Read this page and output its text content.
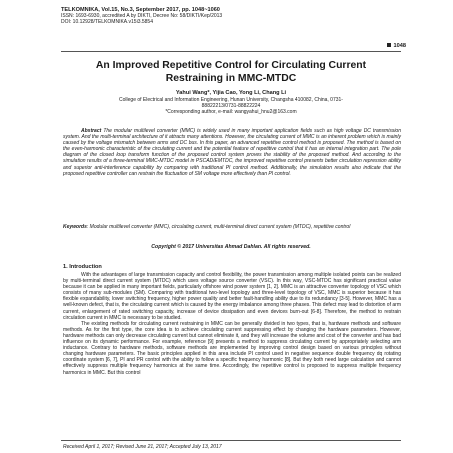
TELKOMNIKA, Vol.15, No.3, September 2017, pp. 1048~1060
ISSN: 1693-6930, accredited A by DIKTI, Decree No: 58/DIKTI/Kep/2013
DOI: 10.12928/TELKOMNIKA.v15i3.5854
1048
An Improved Repetitive Control for Circulating Current
Restraining in MMC-MTDC
Yahui Wang*, Yijia Cao, Yong Li, Chang Li
College of Electrical and Information Engineering, Hunan University, Changsha 410082, China, 0731-
88822213/0731-88822224
*Corresponding author, e-mail: wangyahui_hnu2@163.com
Abstract The modular multilevel converter (MMC) is widely used in many important application fields such as high voltage DC transmission system. And the multi-terminal architecture of it attracts many attentions. However, the circulating current of MMC is an inherent problem which is mainly caused by the voltage mismatch between arms and DC bus. In this paper, an advanced repetitive control method is proposed. The method is based on the even-harmonic characteristic of the circulating current and the potential feature of repetitive control that it has an internal integration part. The pole diagram of the closed loop transform function of the proposed control system proves the stability of the proposed method. And according to the simulation results of a three-terminal MMC-MTDC model in PSCAD/EMTDC, the improved repetitive control presents better circulation repression ability and superior anti-interference capability by comparing with traditional PI control method. Additionally, the simulation results also indicate that the proposed repetitive controller can restrain the fluctuation of SM voltage more effectively than PI control.
Keywords: Modular multilevel converter (MMC), circulating current, multi-terminal direct current system (MTDC), repetitive control
Copyright © 2017 Universitas Ahmad Dahlan. All rights reserved.
1. Introduction

With the advantages of large transmission capacity and control flexibility, the power transmission among multiple isolated points can be realized by multi-terminal direct current system (MTDC) which uses voltage source converter (VSC). In this way, VSC-MTDC has significant practical value because it can be applied in many important fields, particularly offshore wind power system [1, 2]. MMC is an attractive converter topology of VSC which consists of many sub-modules (SM). Comparing with traditional two-level topology and three-level topology of VSC, MMC is superior because it has flexible expandability, lower switching frequency, higher power quality and better fault-handling ability due to its redundancy [3-5]. However, MMC has a well-known defect, that is, the circulating current which is caused by the energy imbalance among three phases. This defect may lead to distortion of arm current, enlargement of rated switching capacity, increase of device dissipation and even devices burn-out [6-8]. Therefore, the method to restrain circulation current in MMC is necessary to be studied.

The existing methods for circulating current restraining in MMC can be generally divided in two types, that is, hardware methods and software methods. As for the first type, the core idea is to achieve circulating current suppressing effect by changing the hardware parameters. However, hardware methods can only decrease circulating current but cannot eliminate it, and they will increase the volume and cost of the converter and has bad influence on its dynamic performance. For example, reference [9] presents a method to suppress circulating current by appropriately selecting arm inductance. Contrary to hardware methods, software methods are implemented by improving control design based on various principles without changing hardware parameters. The basic principles applied in this area include PI control used in negative sequence double frequency dq rotating coordinate system [6, 7], PI and PR control with the ability to follow a specific frequency harmonic [8]. But they both need large calculation and cannot effectively suppress multiple frequency harmonics at the same time. Accordingly, the repetitive control is proposed to suppress multiple frequency harmonics in MMC. But this control

Received April 1, 2017; Revised June 21, 2017; Accepted July 13, 2017
